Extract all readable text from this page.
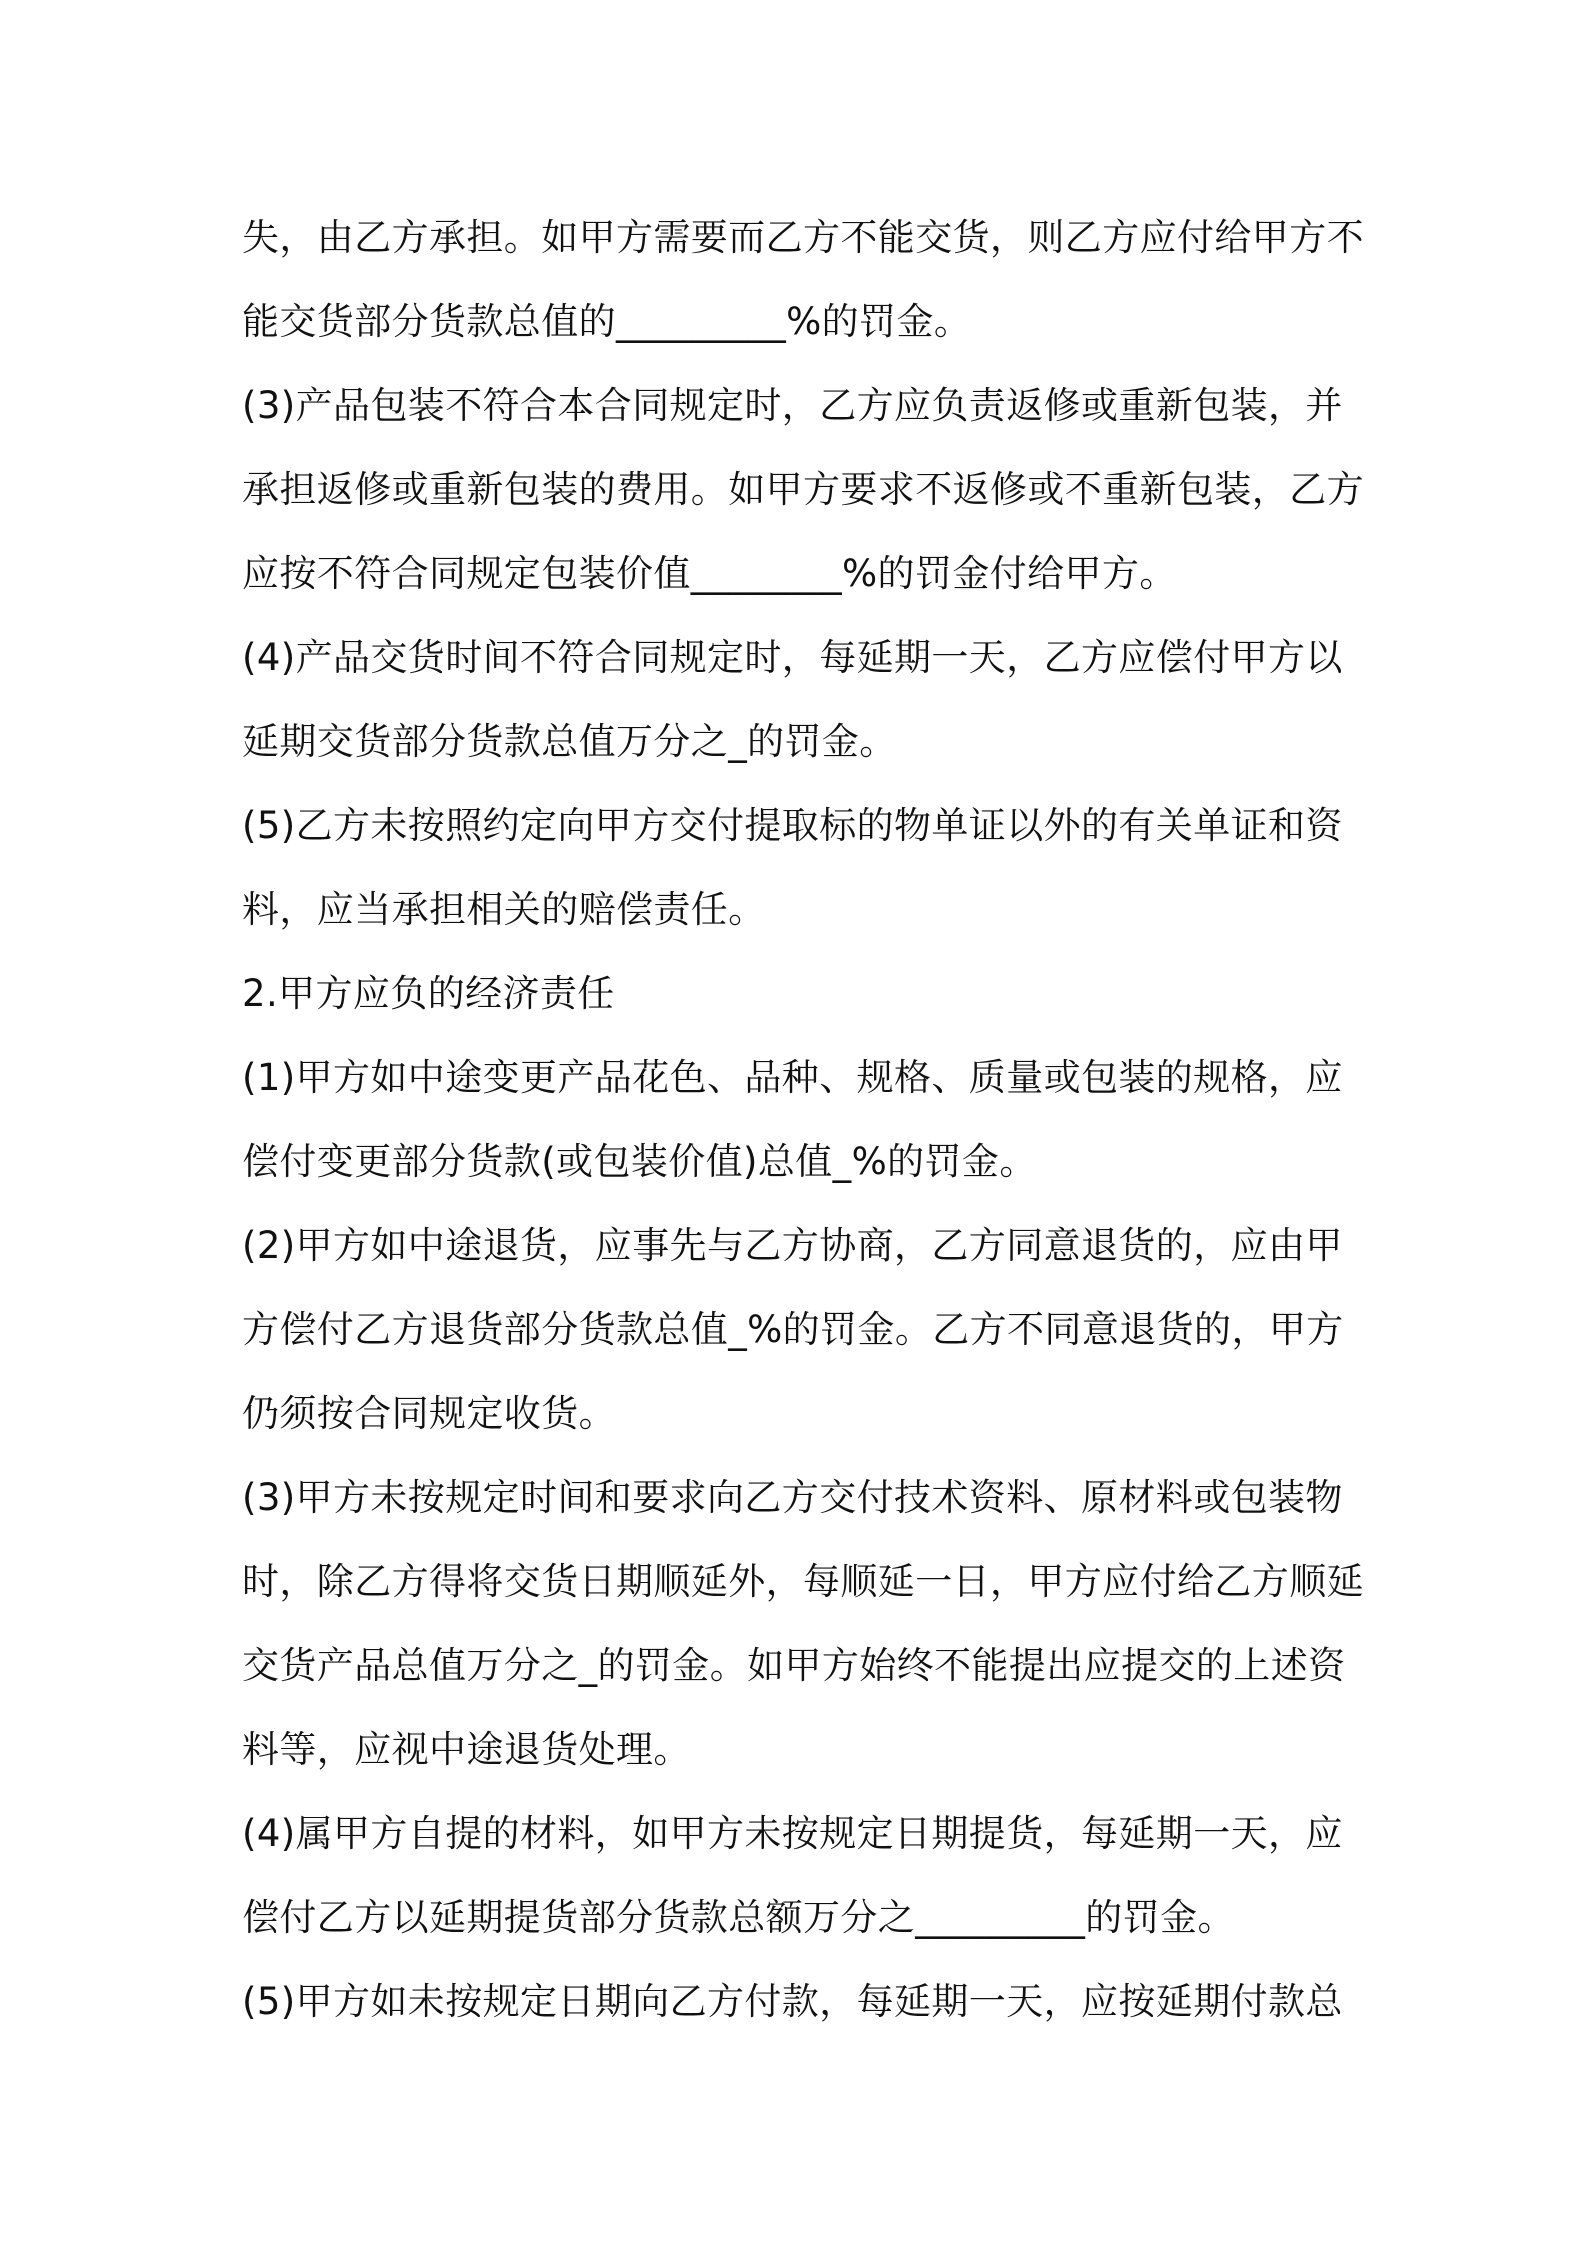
失，由乙方承担。如甲方需要而乙方不能交货，则乙方应付给甲方不
能交货部分货款总值的_________%的罚金。
(3)产品包装不符合本合同规定时，乙方应负责返修或重新包装，并
承担返修或重新包装的费用。如甲方要求不返修或不重新包装，乙方
应按不符合同规定包装价值________%的罚金付给甲方。
(4)产品交货时间不符合同规定时，每延期一天，乙方应偿付甲方以
延期交货部分货款总值万分之_的罚金。
(5)乙方未按照约定向甲方交付提取标的物单证以外的有关单证和资
料，应当承担相关的赔偿责任。
2.甲方应负的经济责任
(1)甲方如中途变更产品花色、品种、规格、质量或包装的规格，应
偿付变更部分货款(或包装价值)总值_%的罚金。
(2)甲方如中途退货，应事先与乙方协商，乙方同意退货的，应由甲
方偿付乙方退货部分货款总值_%的罚金。乙方不同意退货的，甲方
仍须按合同规定收货。
(3)甲方未按规定时间和要求向乙方交付技术资料、原材料或包装物
时，除乙方得将交货日期顺延外，每顺延一日，甲方应付给乙方顺延
交货产品总值万分之_的罚金。如甲方始终不能提出应提交的上述资
料等，应视中途退货处理。
(4)属甲方自提的材料，如甲方未按规定日期提货，每延期一天，应
偿付乙方以延期提货部分货款总额万分之_________的罚金。
(5)甲方如未按规定日期向乙方付款，每延期一天，应按延期付款总
